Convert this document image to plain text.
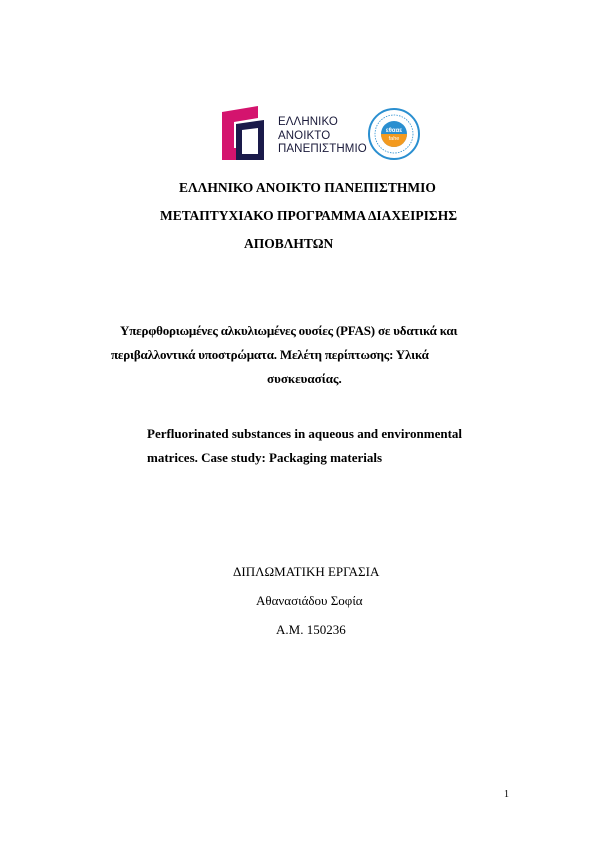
ΕΛΛΗΝΙΚΟ
ΑΝΟΙΚΤΟ
ΠΑΝΕΠΙΣΤΗΜΙΟ
εθααε
fahe
ΕΛΛΗΝΙΚΟ ΑΝΟΙΚΤΟ ΠΑΝΕΠΙΣΤΗΜΙΟ
ΜΕΤΑΠΤΥΧΙΑΚΟ ΠΡΟΓΡΑΜΜΑ ΔΙΑΧΕΙΡΙΣΗΣ
ΑΠΟΒΛΗΤΩΝ
Υπερφθοριωμένες αλκυλιωμένες ουσίες (PFAS) σε υδατικά και
περιβαλλοντικά υποστρώματα. Μελέτη περίπτωσης: Υλικά
συσκευασίας.
Perfluorinated substances in aqueous and environmental
matrices. Case study: Packaging materials
ΔΙΠΛΩΜΑΤΙΚΗ ΕΡΓΑΣΙΑ
Αθανασιάδου Σοφία
Α.Μ. 150236
1
